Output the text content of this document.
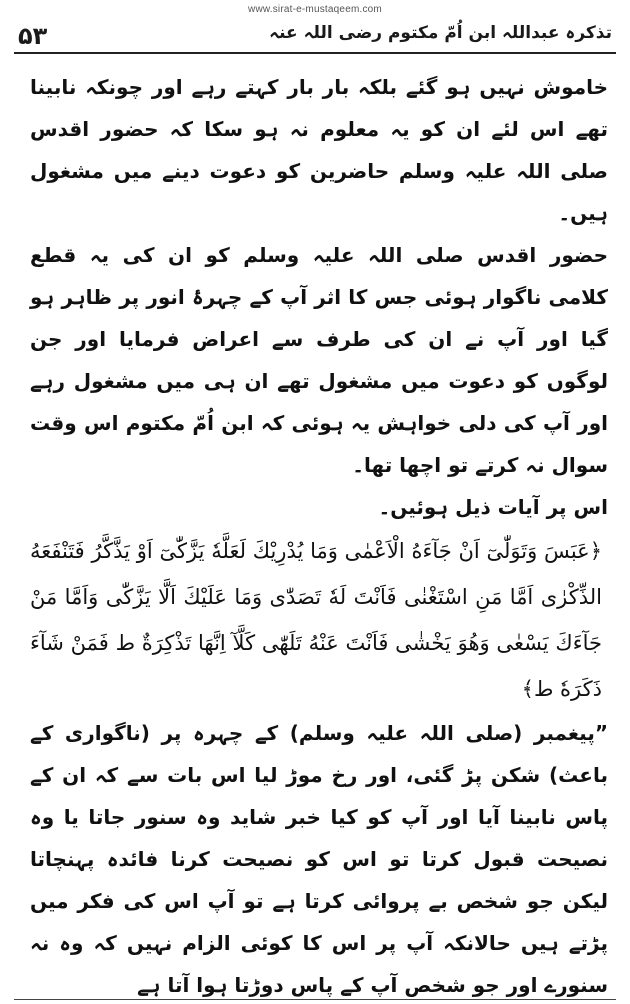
www.sirat-e-mustaqeem.com
۵۳	تذکرہ عبداللہ ابن اُمّ مکتوم رضی اللہ عنہ

خاموش نہیں ہو گئے بلکہ بار بار کہتے رہے اور چونکہ نابینا تھے اس لئے ان کو یہ معلوم نہ ہو سکا کہ حضور اقدس صلی اللہ علیہ وسلم حاضرین کو دعوت دینے میں مشغول ہیں۔

حضور اقدس صلی اللہ علیہ وسلم کو ان کی یہ قطع کلامی ناگوار ہوئی جس کا اثر آپ کے چہرۂ انور پر ظاہر ہو گیا اور آپ نے ان کی طرف سے اعراض فرمایا اور جن لوگوں کو دعوت میں مشغول تھے ان ہی میں مشغول رہے اور آپ کی دلی خواہش یہ ہوئی کہ ابن اُمّ مکتوم اس وقت سوال نہ کرتے تو اچھا تھا۔

اس پر آیات ذیل ہوئیں۔

﴿عَبَسَ وَتَوَلّٰىٓ اَنْ جَآءَهُ الْاَعْمٰى وَمَا يُدْرِيْكَ لَعَلَّهٗ يَزَّكّٰىٓ اَوْ يَذَّكَّرُ فَتَنْفَعَهُ الذِّكْرٰى اَمَّا مَنِ اسْتَغْنٰى فَاَنْتَ لَهٗ تَصَدّٰى وَمَا عَلَيْكَ اَلَّا يَزَّكّٰى وَاَمَّا مَنْ جَآءَكَ يَسْعٰى وَهُوَ يَخْشٰى فَاَنْتَ عَنْهُ تَلَهّٰى كَلَّآ اِنَّهَا تَذْكِرَةٌ ط فَمَنْ شَآءَ ذَكَرَهٗ ط﴾

”پیغمبر (صلی اللہ علیہ وسلم) کے چہرہ پر (ناگواری کے باعث) شکن پڑ گئی، اور رخ موڑ لیا اس بات سے کہ ان کے پاس نابینا آیا اور آپ کو کیا خبر شاید وہ سنور جاتا یا وہ نصیحت قبول کرتا تو اس کو نصیحت کرنا فائدہ پہنچاتا لیکن جو شخص بے پروائی کرتا ہے تو آپ اس کی فکر میں پڑتے ہیں حالانکہ آپ پر اس کا کوئی الزام نہیں کہ وہ نہ سنورے اور جو شخص آپ کے پاس دوڑتا ہوا آتا ہے
